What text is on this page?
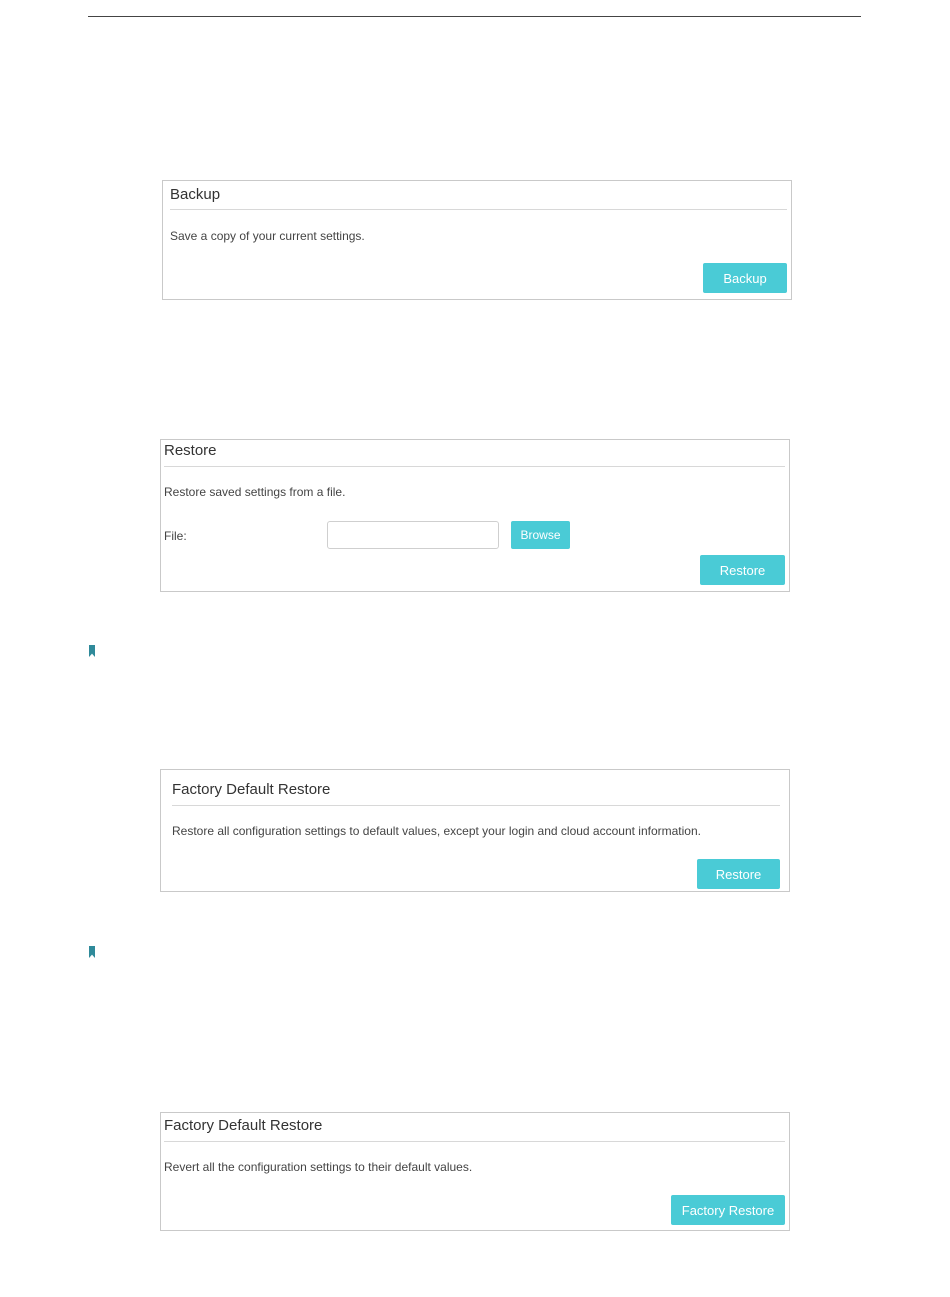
Backup
Save a copy of your current settings.
Backup
Restore
Restore saved settings from a file.
File:	Browse
Restore
Factory Default Restore
Restore all configuration settings to default values, except your login and cloud account information.
Restore
Factory Default Restore
Revert all the configuration settings to their default values.
Factory Restore
